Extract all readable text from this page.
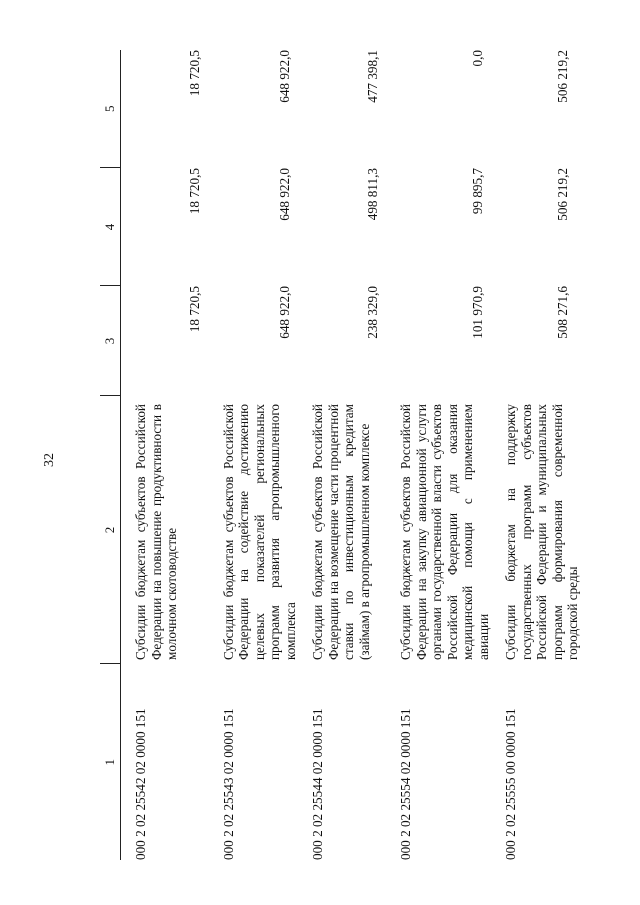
32
1	2	3	4	5
000 2 02 25542 02 0000 151	Субсидии бюджетам субъектов Российской Федерации на повышение продуктивности в молочном скотоводстве	18 720,5	18 720,5	18 720,5
000 2 02 25543 02 0000 151	Субсидии бюджетам субъектов Российской Федерации на содействие достижению целевых показателей региональных программ развития агропромышленного комплекса	648 922,0	648 922,0	648 922,0
000 2 02 25544 02 0000 151	Субсидии бюджетам субъектов Российской Федерации на возмещение части процентной ставки по инвестиционным кредитам (займам) в агропромышленном комплексе	238 329,0	498 811,3	477 398,1
000 2 02 25554 02 0000 151	Субсидии бюджетам субъектов Российской Федерации на закупку авиационной услуги органами государственной власти субъектов Российской Федерации для оказания медицинской помощи с применением авиации	101 970,9	99 895,7	0,0
000 2 02 25555 00 0000 151	Субсидии бюджетам на поддержку государственных программ субъектов Российской Федерации и муниципальных программ формирования современной городской среды	508 271,6	506 219,2	506 219,2
